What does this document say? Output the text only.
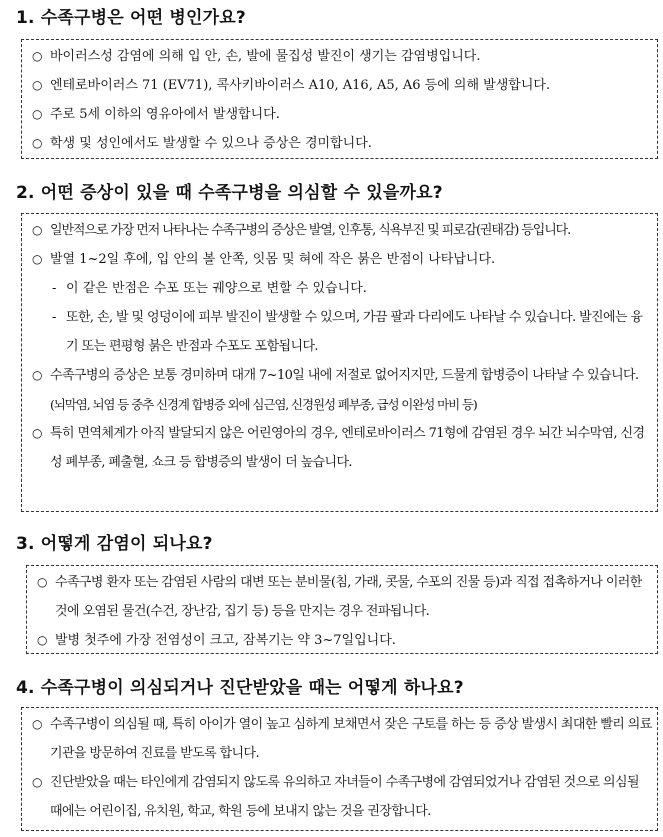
1. 수족구병은 어떤 병인가요?
○ 바이러스성 감염에 의해 입 안, 손, 발에 물집성 발진이 생기는 감염병입니다.
○ 엔테로바이러스 71 (EV71), 콕사키바이러스 A10, A16, A5, A6 등에 의해 발생합니다.
○ 주로 5세 이하의 영유아에서 발생합니다.
○ 학생 및 성인에서도 발생할 수 있으나 증상은 경미합니다.
2. 어떤 증상이 있을 때 수족구병을 의심할 수 있을까요?
○ 일반적으로 가장 먼저 나타나는 수족구병의 증상은 발열, 인후통, 식욕부진 및 피로감(권태감) 등입니다.
○ 발열 1~2일 후에, 입 안의 볼 안쪽, 잇몸 및 혀에 작은 붉은 반점이 나타납니다.
- 이 같은 반점은 수포 또는 궤양으로 변할 수 있습니다.
- 또한, 손, 발 및 엉덩이에 피부 발진이 발생할 수 있으며, 가끔 팔과 다리에도 나타날 수 있습니다. 발진에는 융기 또는 편평형 붉은 반점과 수포도 포함됩니다.
○ 수족구병의 증상은 보통 경미하며 대개 7~10일 내에 저절로 없어지지만, 드물게 합병증이 나타날 수 있습니다.
(뇌막염, 뇌염 등 중추 신경계 합병증 외에 심근염, 신경원성 폐부종, 급성 이완성 마비 등)
○ 특히 면역체계가 아직 발달되지 않은 어린영아의 경우, 엔테로바이러스 71형에 감염된 경우 뇌간 뇌수막염, 신경성 폐부종, 폐출혈, 쇼크 등 합병증의 발생이 더 높습니다.
3. 어떻게 감염이 되나요?
○ 수족구병 환자 또는 감염된 사람의 대변 또는 분비물(침, 가래, 콧물, 수포의 진물 등)과 직접 접촉하거나 이러한 것에 오염된 물건(수건, 장난감, 집기 등) 등을 만지는 경우 전파됩니다.
○ 발병 첫주에 가장 전염성이 크고, 잠복기는 약 3~7일입니다.
4. 수족구병이 의심되거나 진단받았을 때는 어떻게 하나요?
○ 수족구병이 의심될 때, 특히 아이가 열이 높고 심하게 보채면서 잦은 구토를 하는 등 증상 발생시 최대한 빨리 의료기관을 방문하여 진료를 받도록 합니다.
○ 진단받았을 때는 타인에게 감염되지 않도록 유의하고 자녀들이 수족구병에 감염되었거나 감염된 것으로 의심될 때에는 어린이집, 유치원, 학교, 학원 등에 보내지 않는 것을 권장합니다.
